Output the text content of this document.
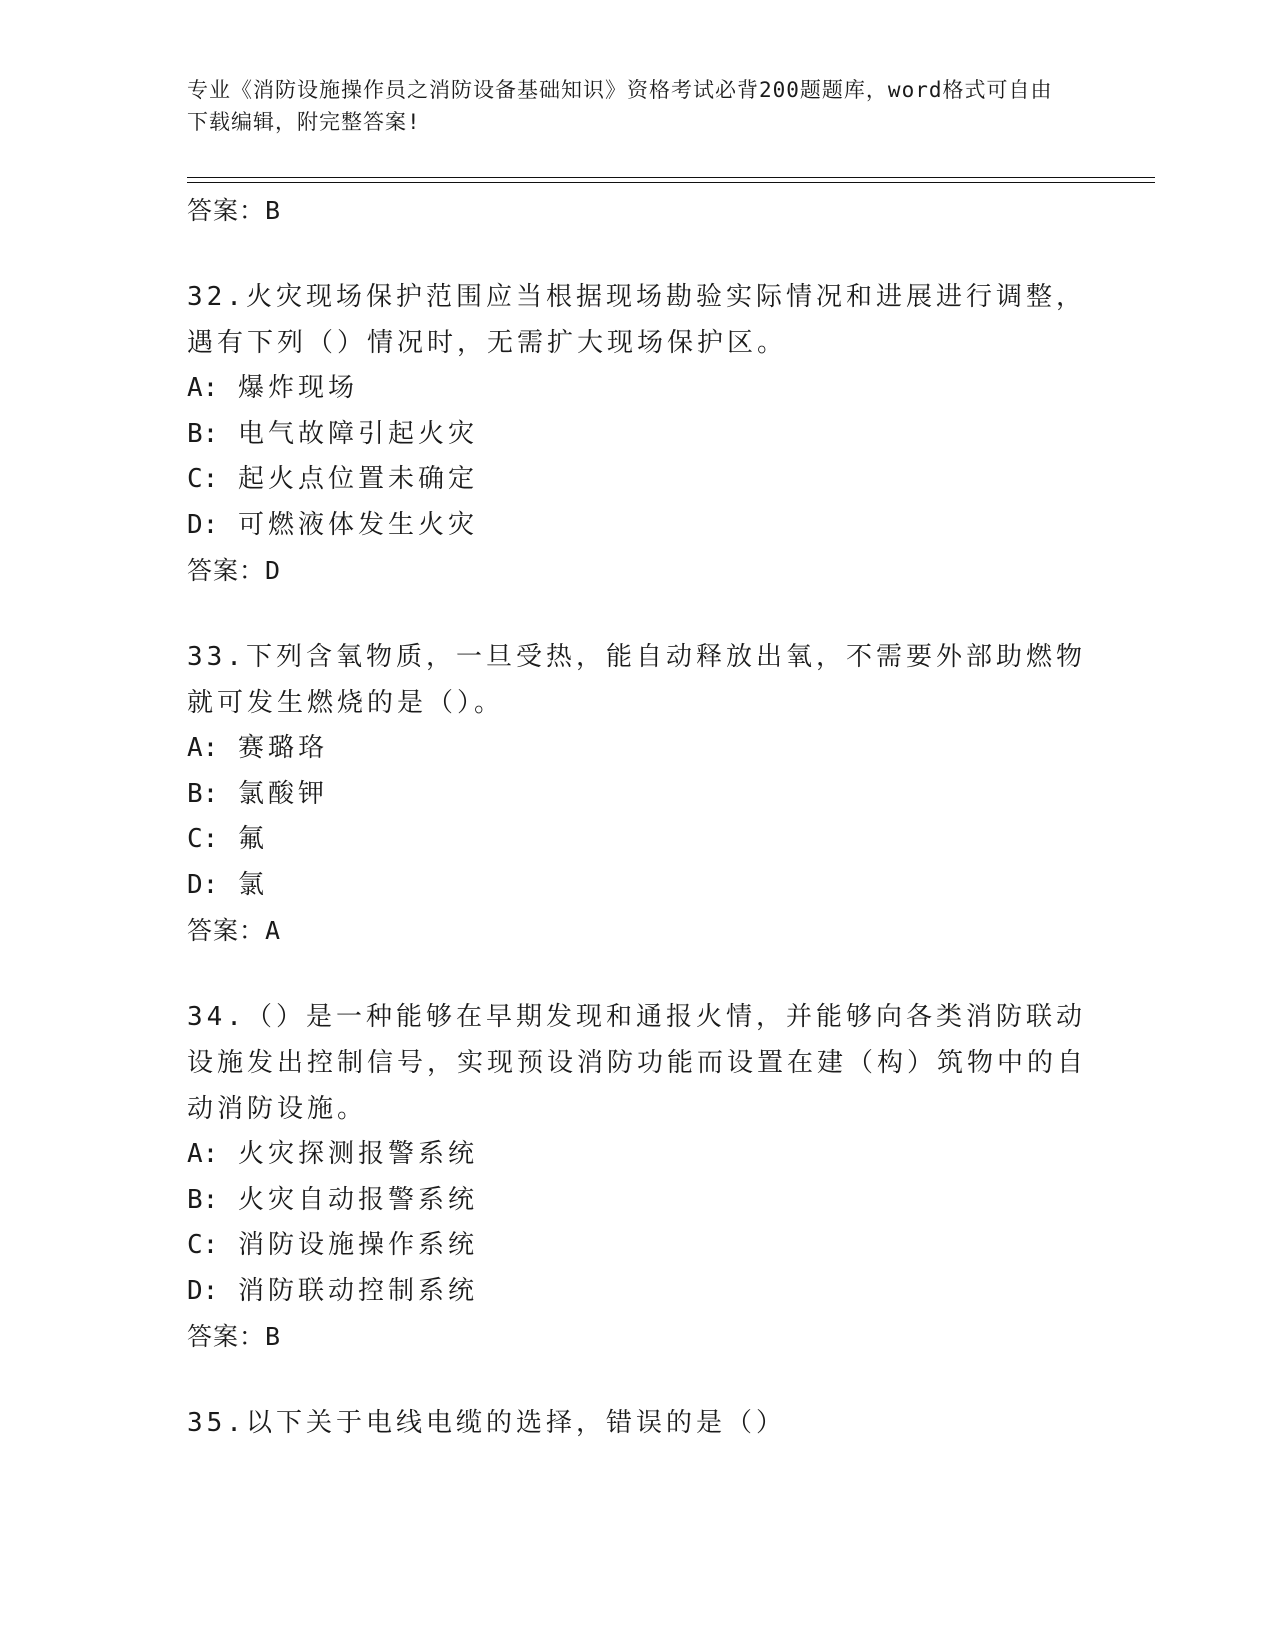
专业《消防设施操作员之消防设备基础知识》资格考试必背200题题库，word格式可自由下载编辑，附完整答案!

答案：B

32.火灾现场保护范围应当根据现场勘验实际情况和进展进行调整，遇有下列（）情况时，无需扩大现场保护区。

A: 爆炸现场

B: 电气故障引起火灾

C: 起火点位置未确定

D: 可燃液体发生火灾

答案：D

33.下列含氧物质，一旦受热，能自动释放出氧，不需要外部助燃物就可发生燃烧的是（）。

A: 赛璐珞

B: 氯酸钾

C: 氟

D: 氯

答案：A

34.（）是一种能够在早期发现和通报火情，并能够向各类消防联动设施发出控制信号，实现预设消防功能而设置在建（构）筑物中的自动消防设施。

A: 火灾探测报警系统

B: 火灾自动报警系统

C: 消防设施操作系统

D: 消防联动控制系统

答案：B

35.以下关于电线电缆的选择，错误的是（）
